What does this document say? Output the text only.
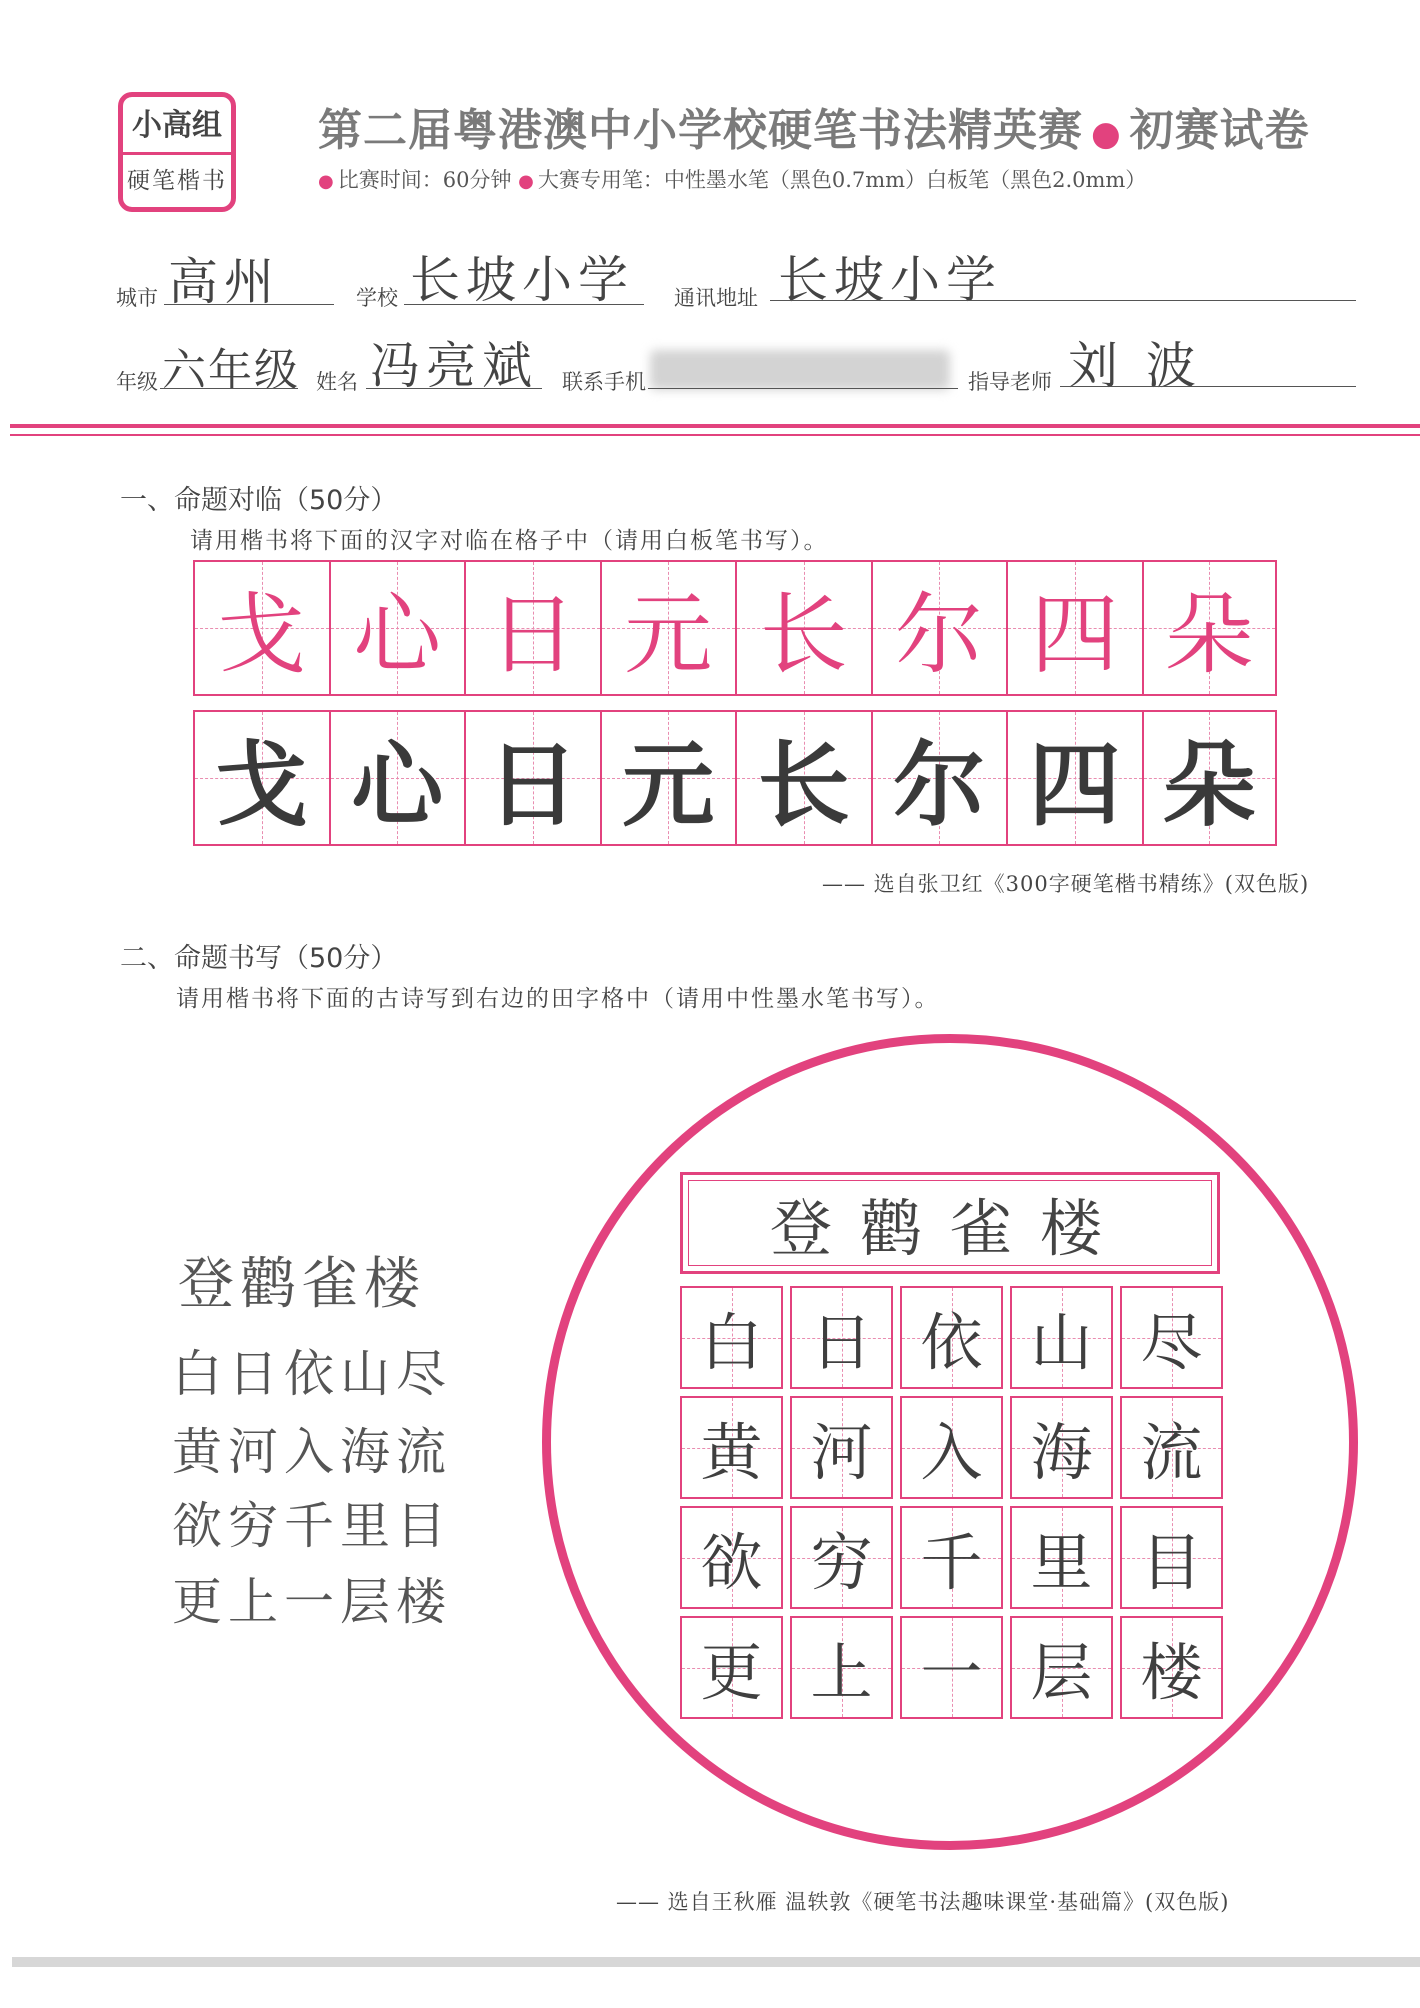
小高组
硬笔楷书
第二届粤港澳中小学校硬笔书法精英赛 ● 初赛试卷
● 比赛时间：60分钟 ● 大赛专用笔：中性墨水笔（黑色0.7mm）白板笔（黑色2.0mm）
城市 高州	学校 长坡小学 通讯地址 长坡小学
年级 六年级 姓名 冯亮斌 联系手机	指导老师 刘 波
一、命题对临（50分）
请用楷书将下面的汉字对临在格子中（请用白板笔书写）。
戈 心 日 元 长 尔 四 朵
戈 心 日 元 长 尔 四 朵
—— 选自张卫红《300字硬笔楷书精练》(双色版)
二、命题书写（50分）
请用楷书将下面的古诗写到右边的田字格中（请用中性墨水笔书写）。
登鹳雀楼
白日依山尽
黄河入海流
欲穷千里目
更上一层楼
登鹳雀楼
白 日 依 山 尽
黄 河 入 海 流
欲 穷 千 里 目
更 上 一 层 楼
—— 选自王秋雁 温轶敦《硬笔书法趣味课堂·基础篇》(双色版)
